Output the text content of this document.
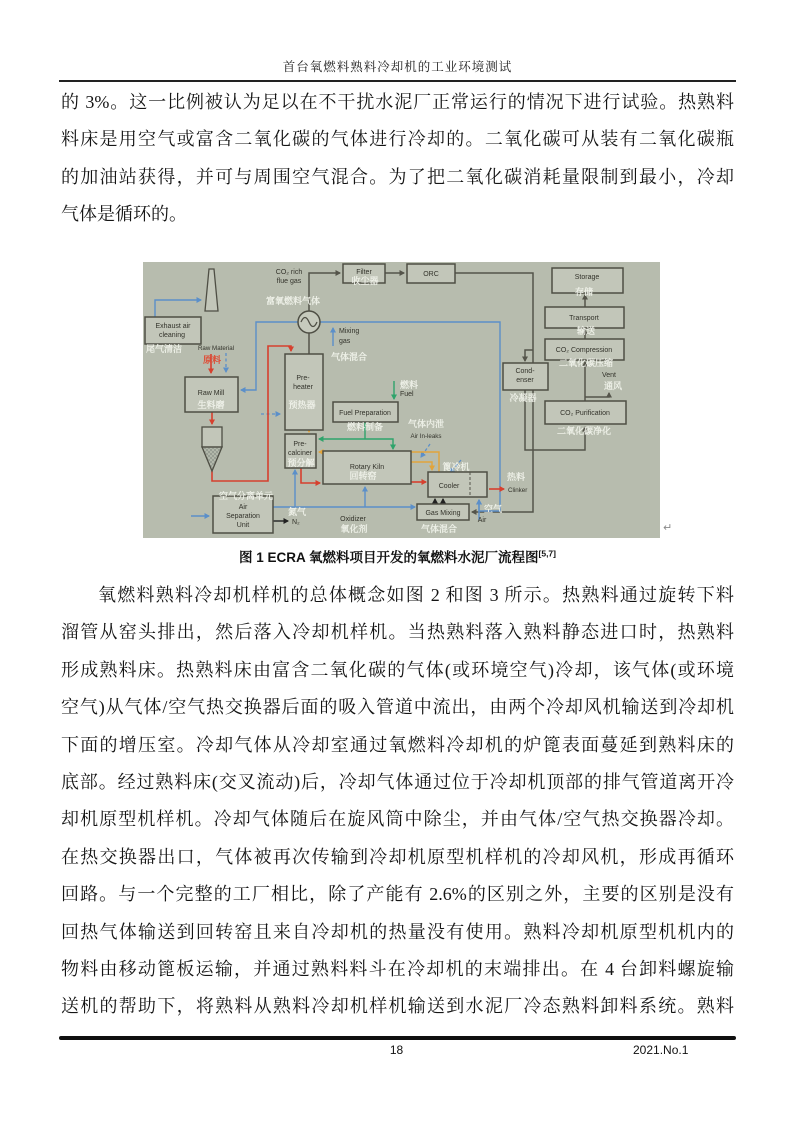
首台氧燃料熟料冷却机的工业环境测试
的 3%。这一比例被认为足以在不干扰水泥厂正常运行的情况下进行试验。热熟料
料床是用空气或富含二氧化碳的气体进行冷却的。二氧化碳可从装有二氧化碳瓶
的加油站获得，并可与周围空气混合。为了把二氧化碳消耗量限制到最小，冷却
气体是循环的。
Exhaust air
cleaning
CO₂ rich
flue gas
Filter	ORC	Storage
Transport
CO₂ Compression
Cond-
enser
Vent
CO₂ Purification
Mixing
gas
Raw Material
Raw Mill
Pre-
heater
Fuel
Fuel Preparation
Air In-leaks
Pre-
calciner
Rotary Kiln
Cooler
Clinker
Air
Separation
Unit	N₂	Oxidizer
Gas Mixing
Air
尾气清洁
富氧燃料气体
收尘器
存储
输送
二氧化碳压缩
冷凝器
通风
二氧化碳净化
气体混合
原料
生料磨	预热器
燃料
燃料制备	气体内泄
预分解
回转窑
篦冷机
热料
空气分离单元
氮气
氧化剂	气体混合
空气
↵
图 1 ECRA 氧燃料项目开发的氧燃料水泥厂流程图[5,7]
氧燃料熟料冷却机样机的总体概念如图 2 和图 3 所示。热熟料通过旋转下料
溜管从窑头排出，然后落入冷却机样机。当热熟料落入熟料静态进口时，热熟料
形成熟料床。热熟料床由富含二氧化碳的气体(或环境空气)冷却，该气体(或环境
空气)从气体/空气热交换器后面的吸入管道中流出，由两个冷却风机输送到冷却机
下面的增压室。冷却气体从冷却室通过氧燃料冷却机的炉篦表面蔓延到熟料床的
底部。经过熟料床(交叉流动)后，冷却气体通过位于冷却机顶部的排气管道离开冷
却机原型机样机。冷却气体随后在旋风筒中除尘，并由气体/空气热交换器冷却。
在热交换器出口，气体被再次传输到冷却机原型机样机的冷却风机，形成再循环
回路。与一个完整的工厂相比，除了产能有 2.6%的区别之外，主要的区别是没有
回热气体输送到回转窑且来自冷却机的热量没有使用。熟料冷却机原型机机内的
物料由移动篦板运输，并通过熟料料斗在冷却机的末端排出。在 4 台卸料螺旋输
送机的帮助下，将熟料从熟料冷却机样机输送到水泥厂冷态熟料卸料系统。熟料
18	2021.No.1
